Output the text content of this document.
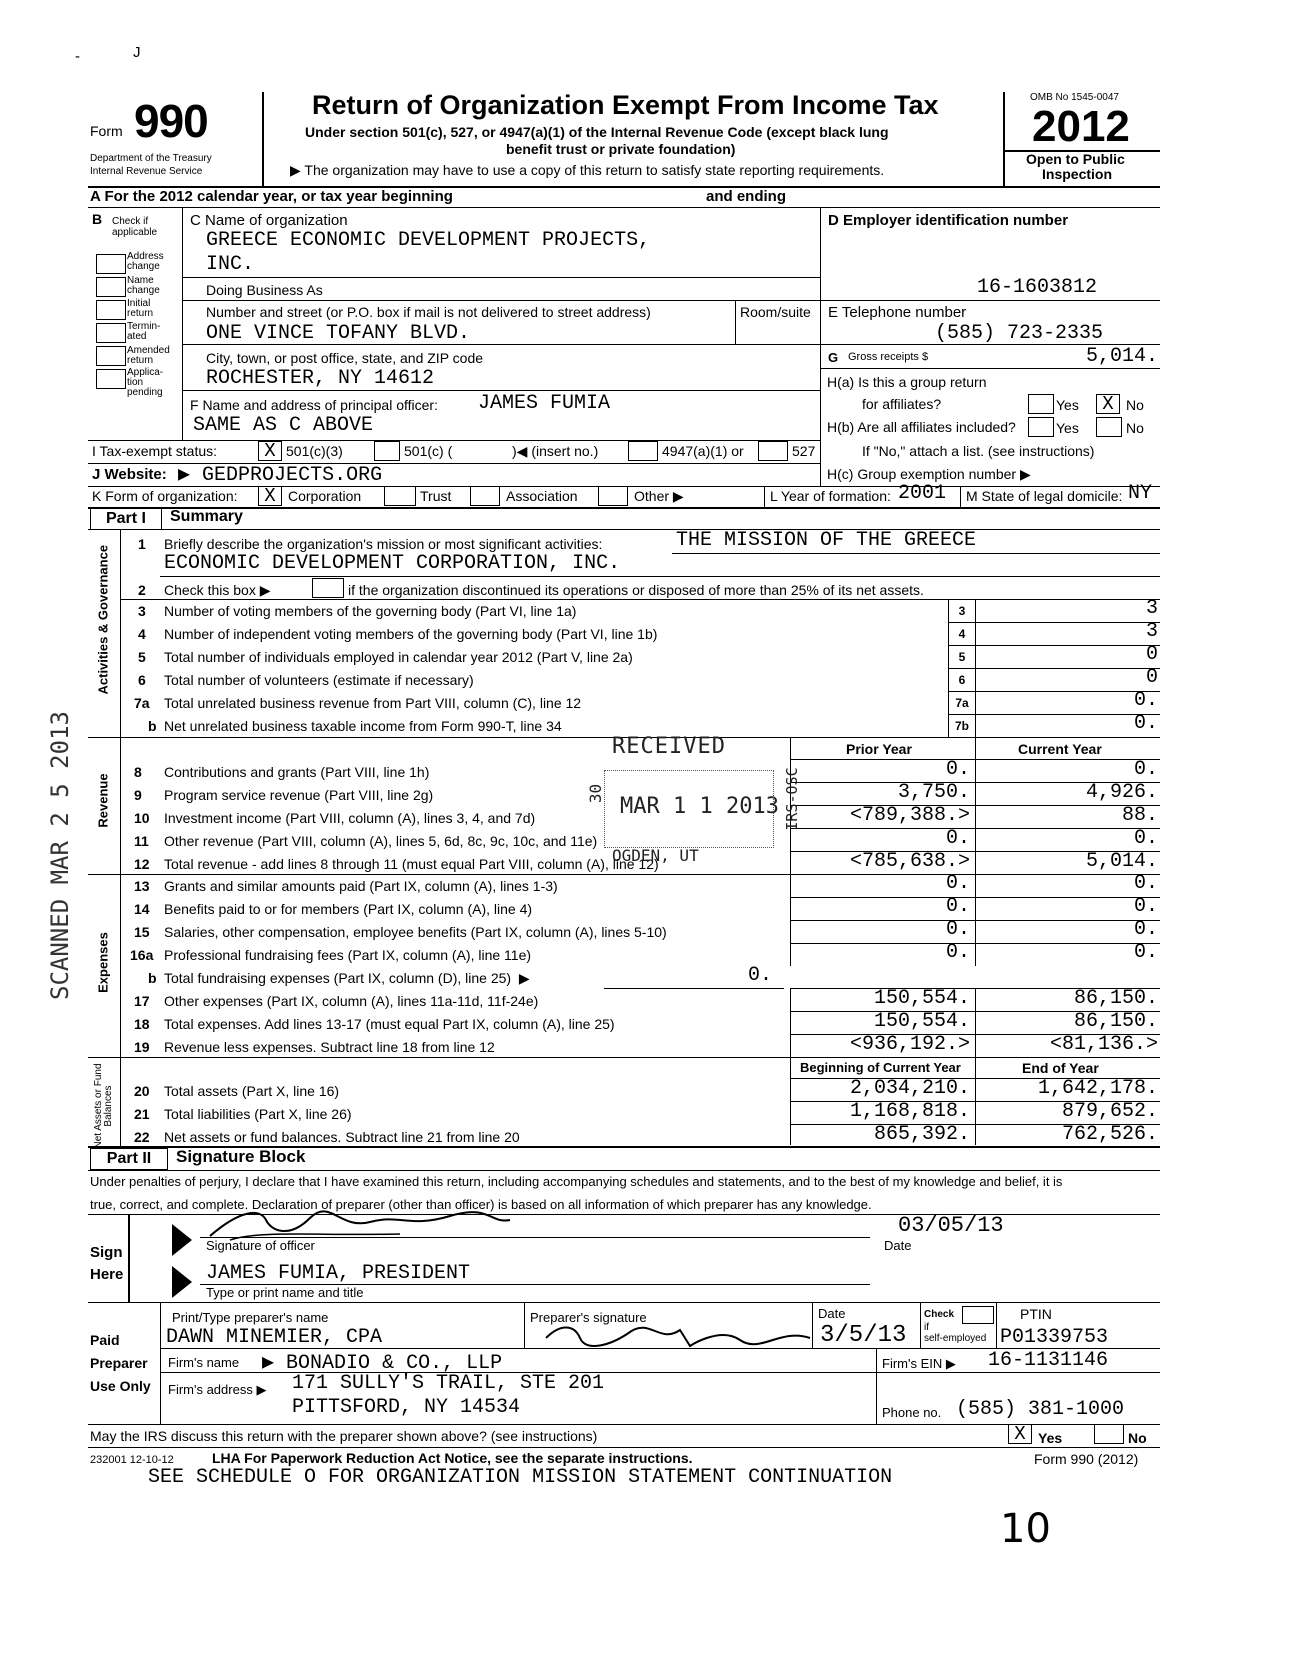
-	J
Form 990
Department of the Treasury
Internal Revenue Service
Return of Organization Exempt From Income Tax
Under section 501(c), 527, or 4947(a)(1) of the Internal Revenue Code (except black lung
benefit trust or private foundation)
▶ The organization may have to use a copy of this return to satisfy state reporting requirements.
OMB No 1545-0047
2012
Open to Public
Inspection
A For the 2012 calendar year, or tax year beginning	and ending
B Check if
applicable
Address change
Name change
Initial return
Termin-ated
Amended return
Applica-tion pending
C Name of organization
GREECE ECONOMIC DEVELOPMENT PROJECTS,
INC.
Doing Business As
Number and street (or P.O. box if mail is not delivered to street address)	Room/suite
ONE VINCE TOFANY BLVD.
City, town, or post office, state, and ZIP code
ROCHESTER, NY 14612
F Name and address of principal officer: JAMES FUMIA
SAME AS C ABOVE
D Employer identification number
16-1603812
E Telephone number
(585) 723-2335
G Gross receipts $	5,014.
H(a) Is this a group return
for affiliates?	Yes	X No
H(b) Are all affiliates included?	Yes	No
If "No," attach a list. (see instructions)
H(c) Group exemption number ▶
I Tax-exempt status:	X 501(c)(3)	501(c) (	)◀ (insert no.)	4947(a)(1) or	527
J Website: ▶ GEDPROJECTS.ORG
K Form of organization:	X Corporation	Trust	Association	Other ▶	L Year of formation: 2001 M State of legal domicile: NY
Part I	Summary
Activities & Governance
Revenue
Expenses
Net Assets or Fund Balances
1 Briefly describe the organization's mission or most significant activities:	THE MISSION OF THE GREECE
ECONOMIC DEVELOPMENT CORPORATION, INC.
2 Check this box ▶	if the organization discontinued its operations or disposed of more than 25% of its net assets.
3 Number of voting members of the governing body (Part VI, line 1a)	3	3
4 Number of independent voting members of the governing body (Part VI, line 1b)	4	3
5 Total number of individuals employed in calendar year 2012 (Part V, line 2a)	5	0
6 Total number of volunteers (estimate if necessary)	6	0
7a Total unrelated business revenue from Part VIII, column (C), line 12	7a	0.
b Net unrelated business taxable income from Form 990-T, line 34	7b	0.
Prior Year	Current Year
8 Contributions and grants (Part VIII, line 1h)	0.	0.
9 Program service revenue (Part VIII, line 2g)	3,750.	4,926.
10 Investment income (Part VIII, column (A), lines 3, 4, and 7d)	<789,388.>	88.
11 Other revenue (Part VIII, column (A), lines 5, 6d, 8c, 9c, 10c, and 11e)	0.	0.
12 Total revenue - add lines 8 through 11 (must equal Part VIII, column (A), line 12)	<785,638.>	5,014.
13 Grants and similar amounts paid (Part IX, column (A), lines 1-3)	0.	0.
14 Benefits paid to or for members (Part IX, column (A), line 4)	0.	0.
15 Salaries, other compensation, employee benefits (Part IX, column (A), lines 5-10)	0.	0.
16a Professional fundraising fees (Part IX, column (A), line 11e)	0.	0.
b Total fundraising expenses (Part IX, column (D), line 25)  ▶	0.
17 Other expenses (Part IX, column (A), lines 11a-11d, 11f-24e)	150,554.	86,150.
18 Total expenses. Add lines 13-17 (must equal Part IX, column (A), line 25)	150,554.	86,150.
19 Revenue less expenses. Subtract line 18 from line 12	<936,192.>	<81,136.>
Beginning of Current Year	End of Year
20 Total assets (Part X, line 16)	2,034,210.	1,642,178.
21 Total liabilities (Part X, line 26)	1,168,818.	879,652.
22 Net assets or fund balances. Subtract line 21 from line 20	865,392.	762,526.
RECEIVED
MAR 1 1 2013
30
OGDEN, UT
IRS-OSC
SCANNED MAR 2 5 2013
Part II	Signature Block
Under penalties of perjury, I declare that I have examined this return, including accompanying schedules and statements, and to the best of my knowledge and belief, it is
true, correct, and complete. Declaration of preparer (other than officer) is based on all information of which preparer has any knowledge.
Sign
Here
03/05/13
Signature of officer	Date
JAMES FUMIA, PRESIDENT
Type or print name and title
Paid
Preparer
Use Only
Print/Type preparer's name	Preparer's signature	Date
3/5/13
Check
if
self-employed
PTIN
DAWN MINEMIER, CPA	P01339753
Firm's name ▶ BONADIO & CO., LLP	Firm's EIN ▶ 16-1131146
Firm's address ▶ 171 SULLY'S TRAIL, STE 201
PITTSFORD, NY 14534	Phone no. (585) 381-1000
May the IRS discuss this return with the preparer shown above? (see instructions)	X Yes	No
232001 12-10-12	LHA For Paperwork Reduction Act Notice, see the separate instructions.	Form 990 (2012)
SEE SCHEDULE O FOR ORGANIZATION MISSION STATEMENT CONTINUATION
10
